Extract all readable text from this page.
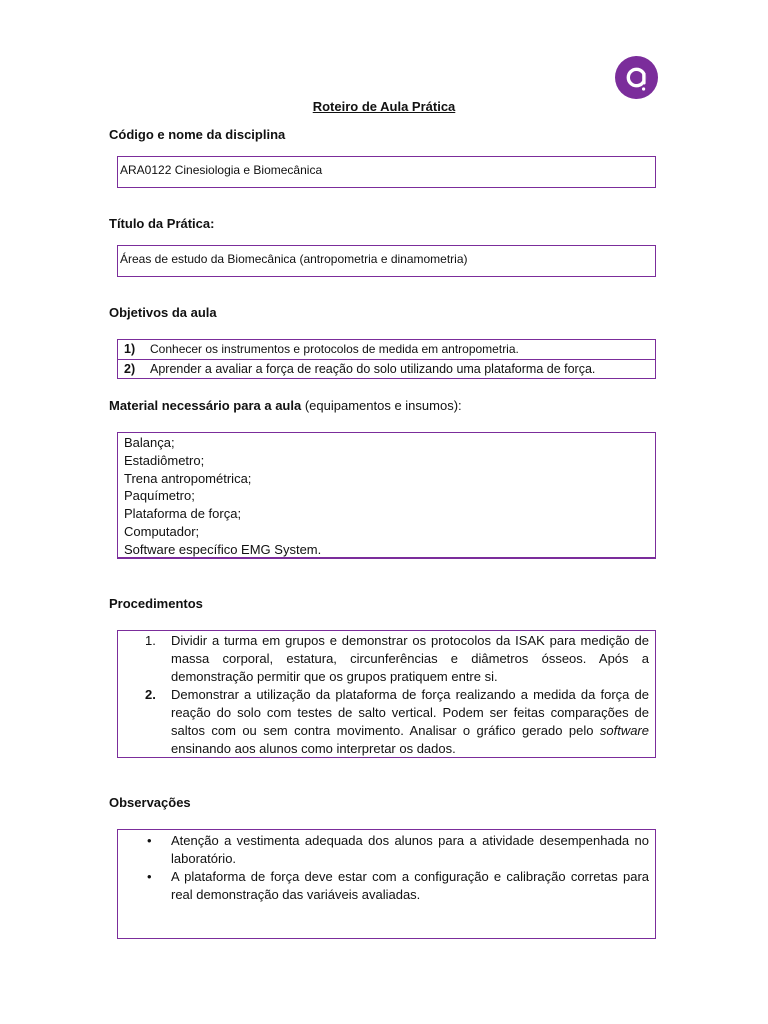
Roteiro de Aula Prática
Código e nome da disciplina
ARA0122 Cinesiologia e Biomecânica
Título da Prática:
Áreas de estudo da Biomecânica (antropometria e dinamometria)
Objetivos da aula
1) Conhecer os instrumentos e protocolos de medida em antropometria.
2) Aprender a avaliar a força de reação do solo utilizando uma plataforma de força.
Material necessário para a aula (equipamentos e insumos):
Balança;
Estadiômetro;
Trena antropométrica;
Paquímetro;
Plataforma de força;
Computador;
Software específico EMG System.
Procedimentos
1.	Dividir a turma em grupos e demonstrar os protocolos da ISAK para medição de massa corporal, estatura, circunferências e diâmetros ósseos. Após a demonstração permitir que os grupos pratiquem entre si.
2.	Demonstrar a utilização da plataforma de força realizando a medida da força de reação do solo com testes de salto vertical. Podem ser feitas comparações de saltos com ou sem contra movimento. Analisar o gráfico gerado pelo software ensinando aos alunos como interpretar os dados.
Observações
•	Atenção a vestimenta adequada dos alunos para a atividade desempenhada no laboratório.
•	A plataforma de força deve estar com a configuração e calibração corretas para real demonstração das variáveis avaliadas.
